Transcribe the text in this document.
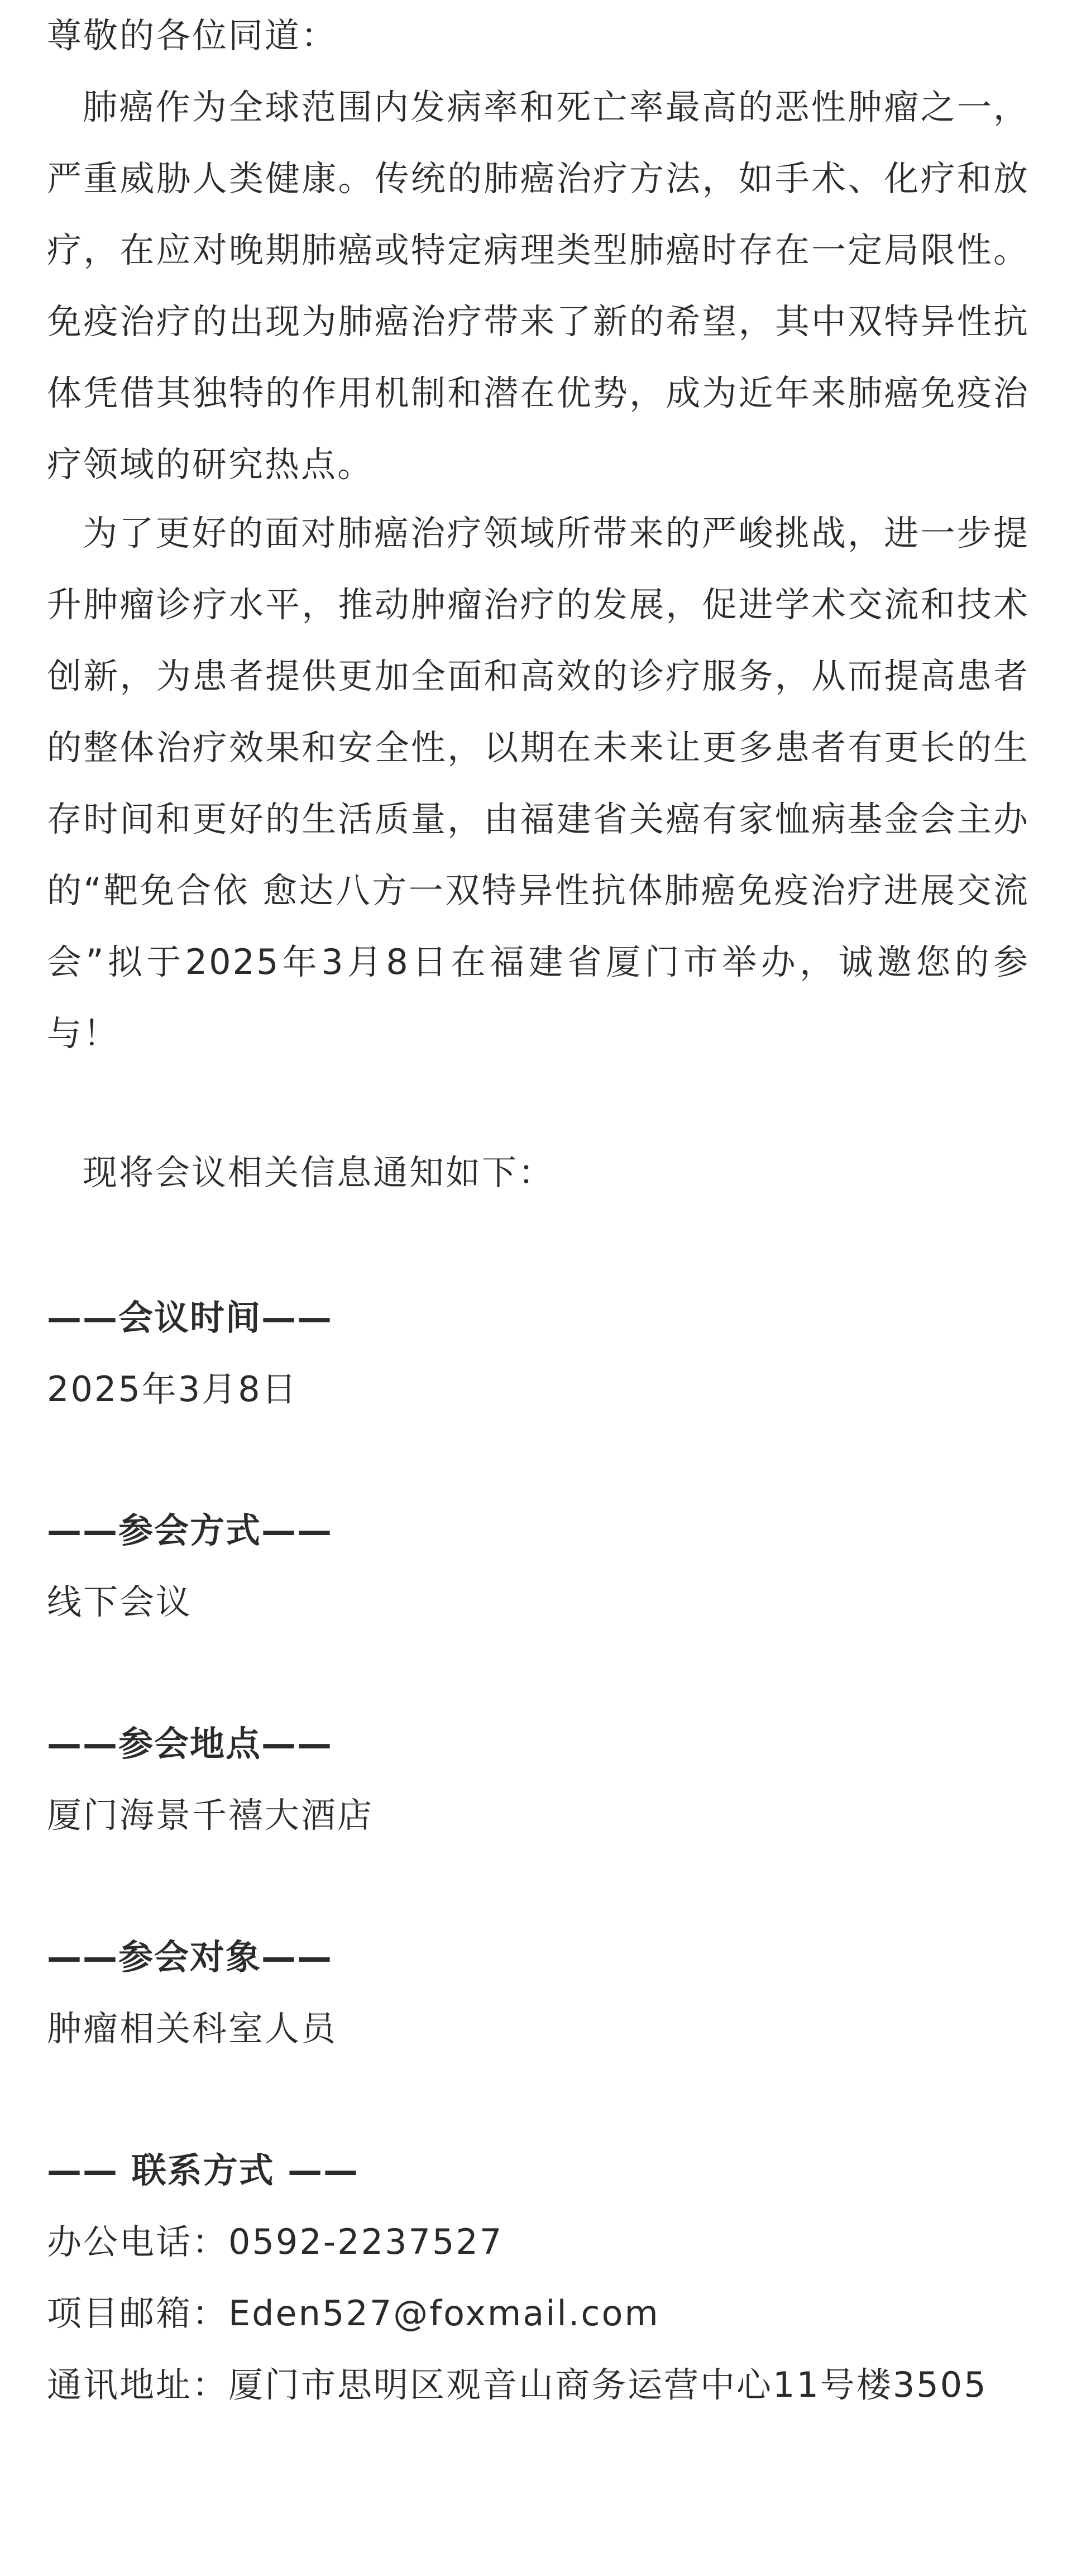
尊敬的各位同道：

肺癌作为全球范围内发病率和死亡率最高的恶性肿瘤之一，严重威胁人类健康。传统的肺癌治疗方法，如手术、化疗和放疗，在应对晚期肺癌或特定病理类型肺癌时存在一定局限性。免疫治疗的出现为肺癌治疗带来了新的希望，其中双特异性抗体凭借其独特的作用机制和潜在优势，成为近年来肺癌免疫治疗领域的研究热点。

为了更好的面对肺癌治疗领域所带来的严峻挑战，进一步提升肿瘤诊疗水平，推动肿瘤治疗的发展，促进学术交流和技术创新，为患者提供更加全面和高效的诊疗服务，从而提高患者的整体治疗效果和安全性，以期在未来让更多患者有更长的生存时间和更好的生活质量，由福建省关癌有家恤病基金会主办的“靶免合依 愈达八方一双特异性抗体肺癌免疫治疗进展交流会”拟于2025年3月8日在福建省厦门市举办，诚邀您的参与！

现将会议相关信息通知如下：

——会议时间——
2025年3月8日
——参会方式——
线下会议
——参会地点——
厦门海景千禧大酒店
——参会对象——
肿瘤相关科室人员
—— 联系方式 ——
办公电话：0592-2237527
项目邮箱：Eden527@foxmail.com
通讯地址：厦门市思明区观音山商务运营中心11号楼3505
